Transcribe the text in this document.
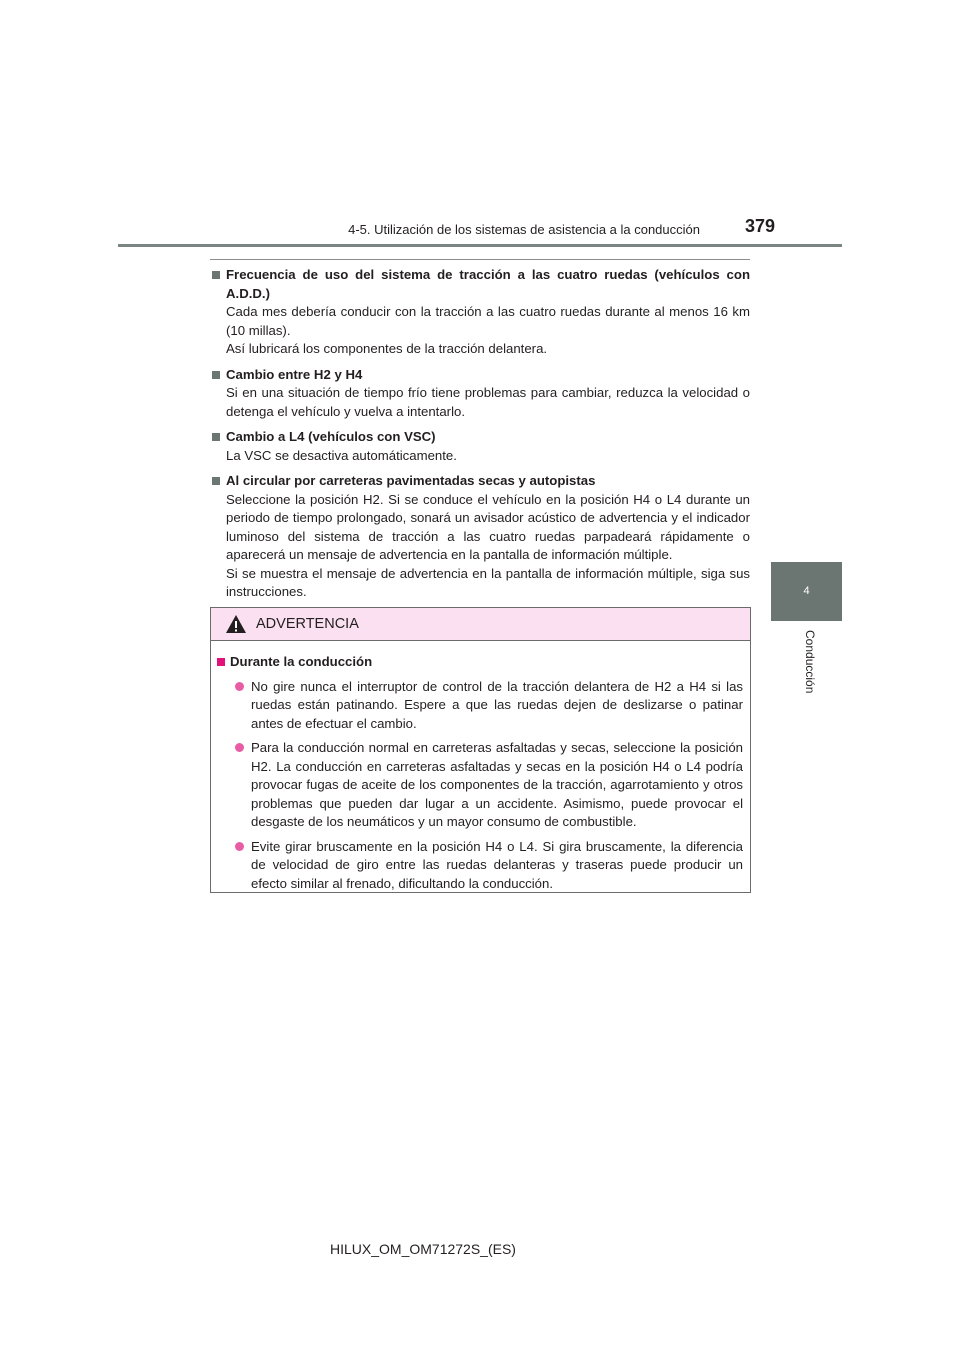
4-5. Utilización de los sistemas de asistencia a la conducción	379
4
Conducción
Frecuencia de uso del sistema de tracción a las cuatro ruedas (vehículos con A.D.D.)
Cada mes debería conducir con la tracción a las cuatro ruedas durante al menos 16 km (10 millas).
Así lubricará los componentes de la tracción delantera.
Cambio entre H2 y H4
Si en una situación de tiempo frío tiene problemas para cambiar, reduzca la velocidad o detenga el vehículo y vuelva a intentarlo.
Cambio a L4 (vehículos con VSC)
La VSC se desactiva automáticamente.
Al circular por carreteras pavimentadas secas y autopistas
Seleccione la posición H2. Si se conduce el vehículo en la posición H4 o L4 durante un periodo de tiempo prolongado, sonará un avisador acústico de advertencia y el indicador luminoso del sistema de tracción a las cuatro ruedas parpadeará rápidamente o aparecerá un mensaje de advertencia en la pantalla de información múltiple.
Si se muestra el mensaje de advertencia en la pantalla de información múltiple, siga sus instrucciones.
ADVERTENCIA
Durante la conducción
No gire nunca el interruptor de control de la tracción delantera de H2 a H4 si las ruedas están patinando. Espere a que las ruedas dejen de deslizarse o patinar antes de efectuar el cambio.
Para la conducción normal en carreteras asfaltadas y secas, seleccione la posición H2. La conducción en carreteras asfaltadas y secas en la posición H4 o L4 podría provocar fugas de aceite de los componentes de la tracción, agarrotamiento y otros problemas que pueden dar lugar a un accidente. Asimismo, puede provocar el desgaste de los neumáticos y un mayor consumo de combustible.
Evite girar bruscamente en la posición H4 o L4. Si gira bruscamente, la diferencia de velocidad de giro entre las ruedas delanteras y traseras puede producir un efecto similar al frenado, dificultando la conducción.
HILUX_OM_OM71272S_(ES)
